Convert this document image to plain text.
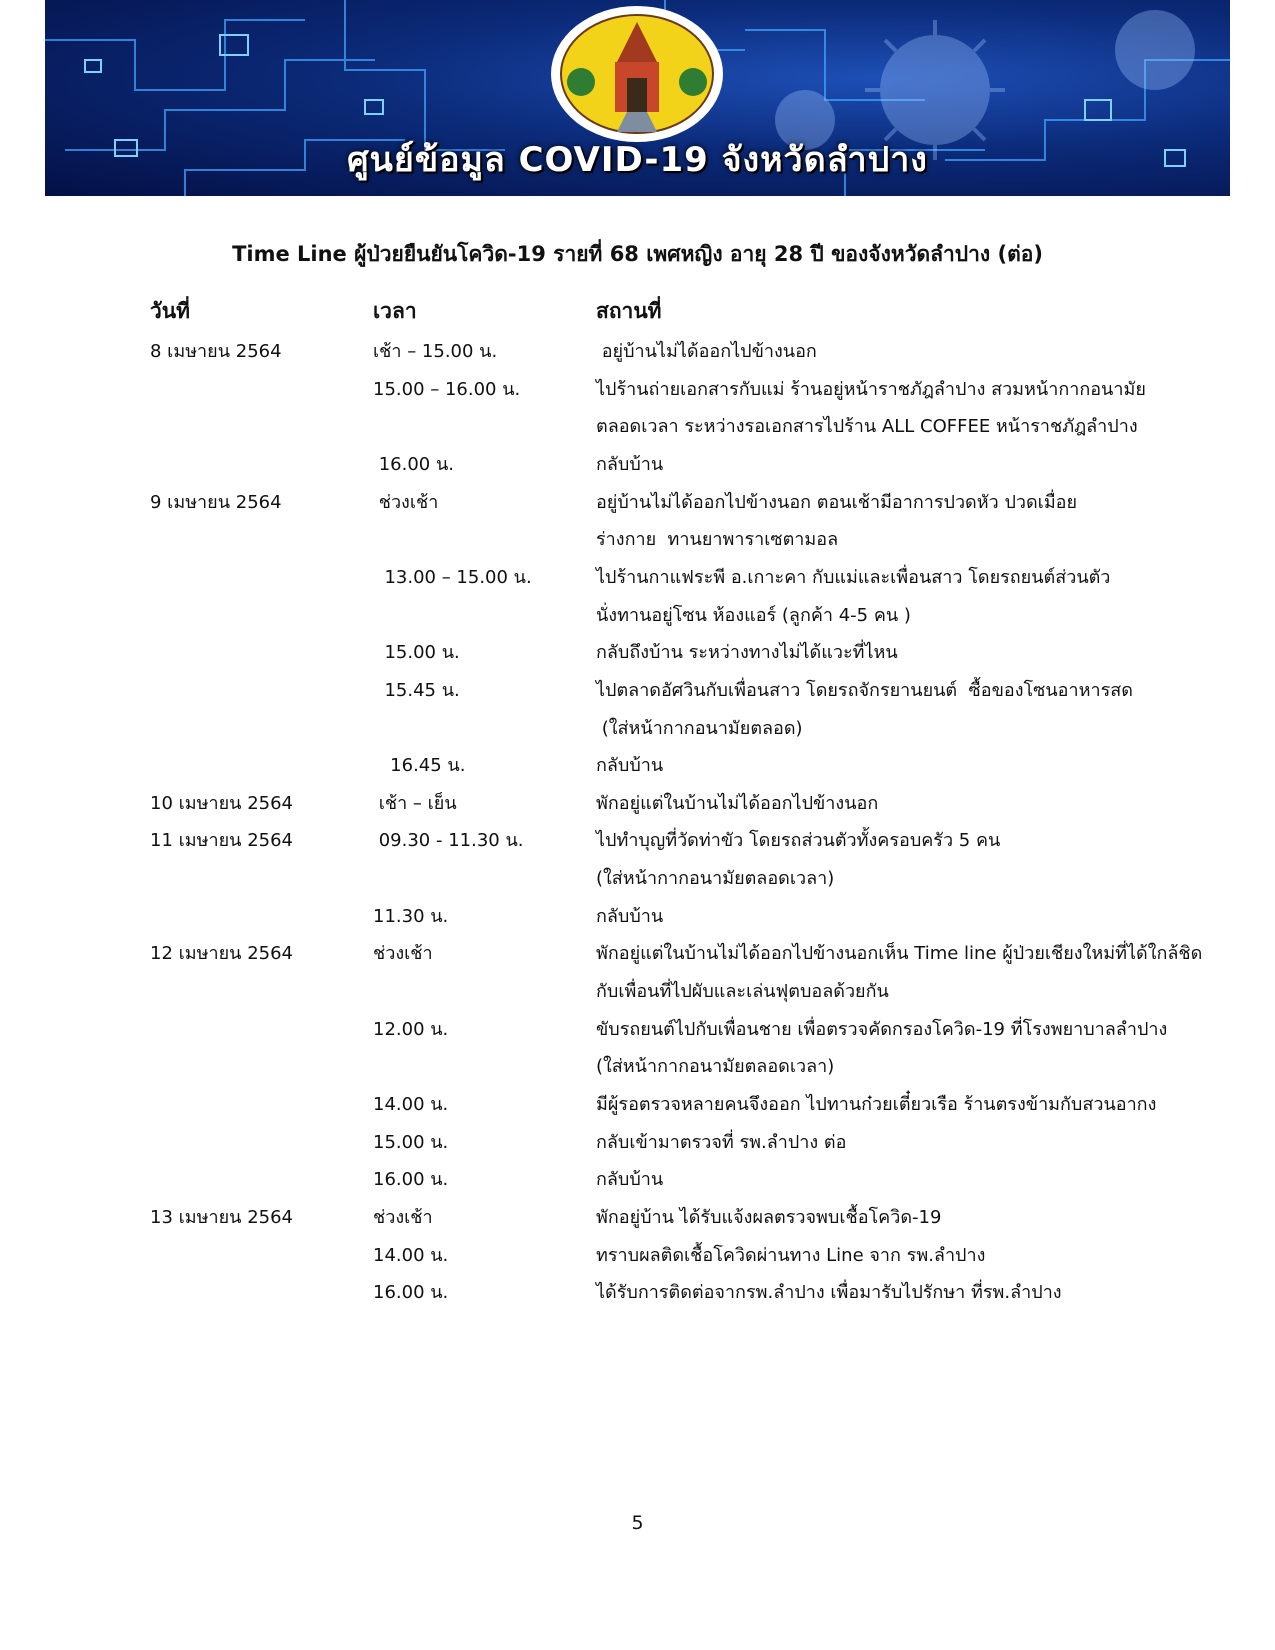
ศูนย์ข้อมูล COVID-19 จังหวัดลำปาง
Time Line ผู้ป่วยยืนยันโควิด-19 รายที่ 68 เพศหญิง อายุ 28 ปี ของจังหวัดลำปาง (ต่อ)
วันที่	เวลา	สถานที่
8 เมษายน 2564	เช้า – 15.00 น.	อยู่บ้านไม่ได้ออกไปข้างนอก
15.00 – 16.00 น.	ไปร้านถ่ายเอกสารกับแม่ ร้านอยู่หน้าราชภัฎลำปาง สวมหน้ากากอนามัย
ตลอดเวลา ระหว่างรอเอกสารไปร้าน ALL COFFEE หน้าราชภัฎลำปาง
16.00 น.	กลับบ้าน
9 เมษายน 2564	ช่วงเช้า	อยู่บ้านไม่ได้ออกไปข้างนอก ตอนเช้ามีอาการปวดหัว ปวดเมื่อย
ร่างกาย  ทานยาพาราเซตามอล
13.00 – 15.00 น.	ไปร้านกาแฟระพี อ.เกาะคา กับแม่และเพื่อนสาว โดยรถยนต์ส่วนตัว
นั่งทานอยู่โซน ห้องแอร์ (ลูกค้า 4-5 คน )
15.00 น.	กลับถึงบ้าน ระหว่างทางไม่ได้แวะที่ไหน
15.45 น.	ไปตลาดอัศวินกับเพื่อนสาว โดยรถจักรยานยนต์  ซื้อของโซนอาหารสด
(ใส่หน้ากากอนามัยตลอด)
16.45 น.	กลับบ้าน
10 เมษายน 2564	เช้า – เย็น	พักอยู่แต่ในบ้านไม่ได้ออกไปข้างนอก
11 เมษายน 2564	09.30 - 11.30 น.	ไปทำบุญที่วัดท่าขัว โดยรถส่วนตัวทั้งครอบครัว 5 คน
(ใส่หน้ากากอนามัยตลอดเวลา)
11.30 น.	กลับบ้าน
12 เมษายน 2564	ช่วงเช้า	พักอยู่แต่ในบ้านไม่ได้ออกไปข้างนอกเห็น Time line ผู้ป่วยเชียงใหม่ที่ได้ใกล้ชิด
กับเพื่อนที่ไปผับและเล่นฟุตบอลด้วยกัน
12.00 น.	ขับรถยนต์ไปกับเพื่อนชาย เพื่อตรวจคัดกรองโควิด-19 ที่โรงพยาบาลลำปาง
(ใส่หน้ากากอนามัยตลอดเวลา)
14.00 น.	มีผู้รอตรวจหลายคนจึงออก ไปทานก๋วยเตี๋ยวเรือ ร้านตรงข้ามกับสวนอากง
15.00 น.	กลับเข้ามาตรวจที่ รพ.ลำปาง ต่อ
16.00 น.	กลับบ้าน
13 เมษายน 2564	ช่วงเช้า	พักอยู่บ้าน ได้รับแจ้งผลตรวจพบเชื้อโควิด-19
14.00 น.	ทราบผลติดเชื้อโควิดผ่านทาง Line จาก รพ.ลำปาง
16.00 น.	ได้รับการติดต่อจากรพ.ลำปาง เพื่อมารับไปรักษา ที่รพ.ลำปาง
5
